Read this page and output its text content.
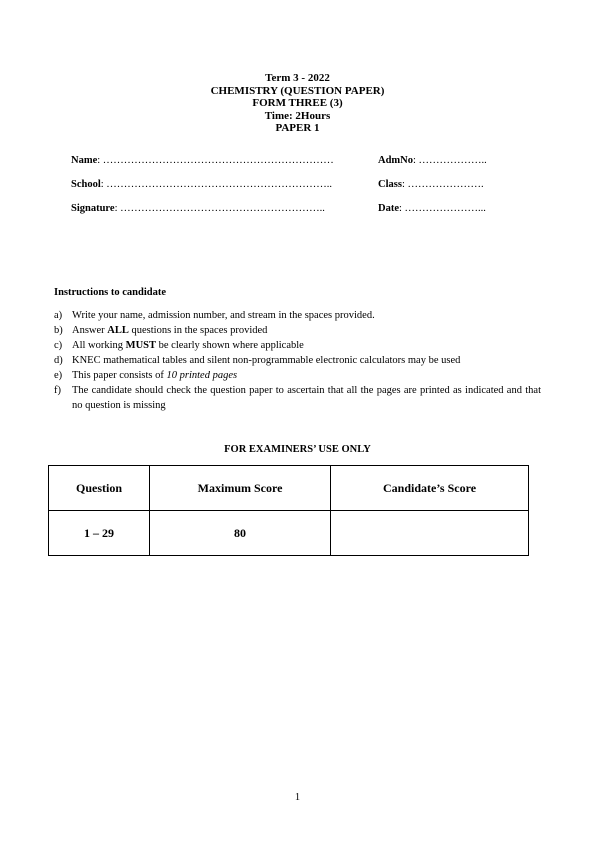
Term 3 - 2022
CHEMISTRY (QUESTION PAPER)
FORM THREE (3)
Time: 2Hours
PAPER 1
Name: …………………………………………………………	AdmNo: ………………..
School: ………………………………………………………..	Class: ………………….
Signature: …………………………………………………..	Date: …………………...
Instructions to candidate
a) Write your name, admission number, and stream in the spaces provided.
b) Answer ALL questions in the spaces provided
c) All working MUST be clearly shown where applicable
d) KNEC mathematical tables and silent non-programmable electronic calculators may be used
e) This paper consists of 10 printed pages
f) The candidate should check the question paper to ascertain that all the pages are printed as indicated and that no question is missing
FOR EXAMINERS’ USE ONLY
Question	Maximum Score	Candidate’s Score
1 – 29	80	
1
